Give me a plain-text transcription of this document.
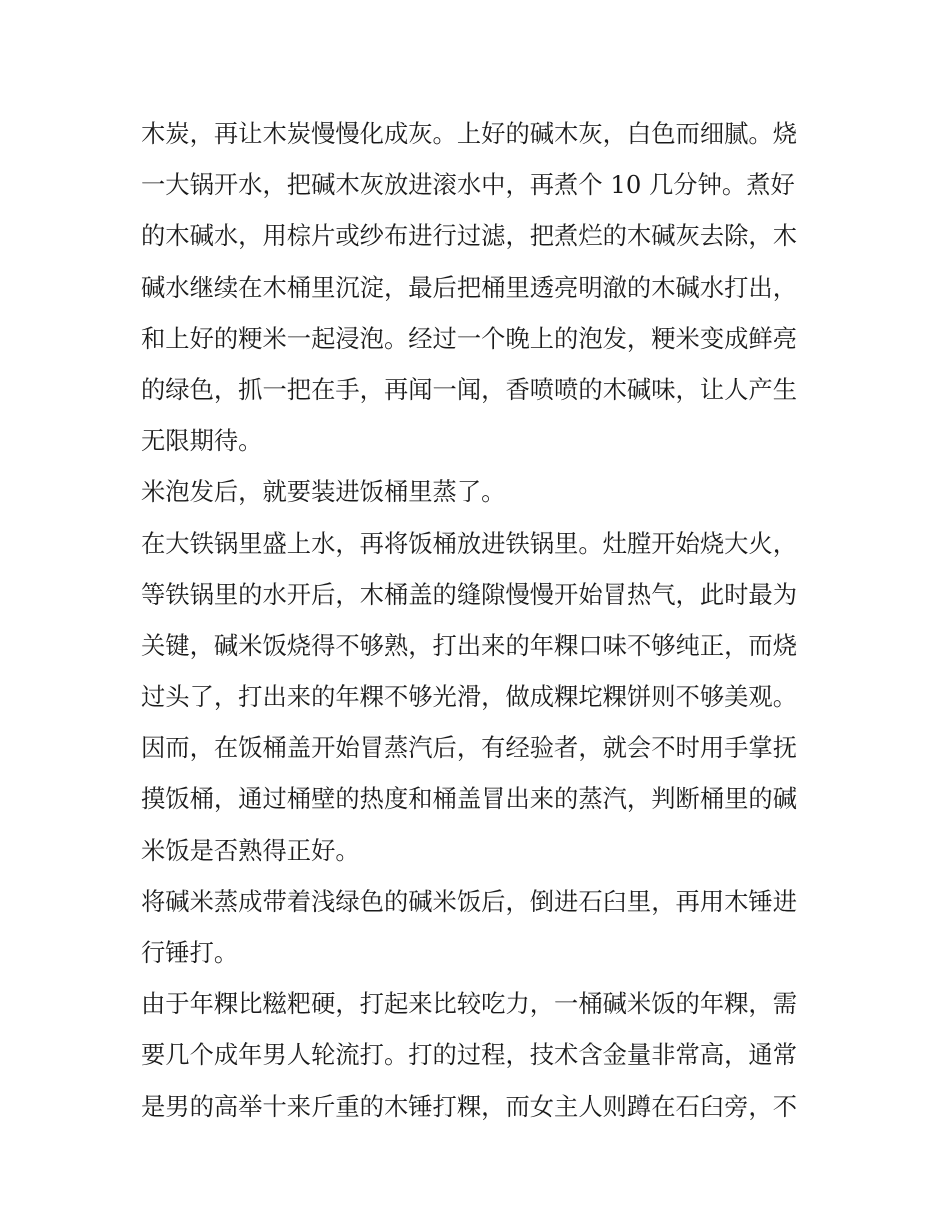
木炭，再让木炭慢慢化成灰。上好的碱木灰，白色而细腻。烧
一大锅开水，把碱木灰放进滚水中，再煮个 10 几分钟。煮好
的木碱水，用棕片或纱布进行过滤，把煮烂的木碱灰去除，木
碱水继续在木桶里沉淀，最后把桶里透亮明澈的木碱水打出，
和上好的粳米一起浸泡。经过一个晚上的泡发，粳米变成鲜亮
的绿色，抓一把在手，再闻一闻，香喷喷的木碱味，让人产生
无限期待。
米泡发后，就要装进饭桶里蒸了。
在大铁锅里盛上水，再将饭桶放进铁锅里。灶膛开始烧大火，
等铁锅里的水开后，木桶盖的缝隙慢慢开始冒热气，此时最为
关键，碱米饭烧得不够熟，打出来的年粿口味不够纯正，而烧
过头了，打出来的年粿不够光滑，做成粿坨粿饼则不够美观。
因而，在饭桶盖开始冒蒸汽后，有经验者，就会不时用手掌抚
摸饭桶，通过桶壁的热度和桶盖冒出来的蒸汽，判断桶里的碱
米饭是否熟得正好。
将碱米蒸成带着浅绿色的碱米饭后，倒进石臼里，再用木锤进
行锤打。
由于年粿比糍粑硬，打起来比较吃力，一桶碱米饭的年粿，需
要几个成年男人轮流打。打的过程，技术含金量非常高，通常
是男的高举十来斤重的木锤打粿，而女主人则蹲在石臼旁，不
